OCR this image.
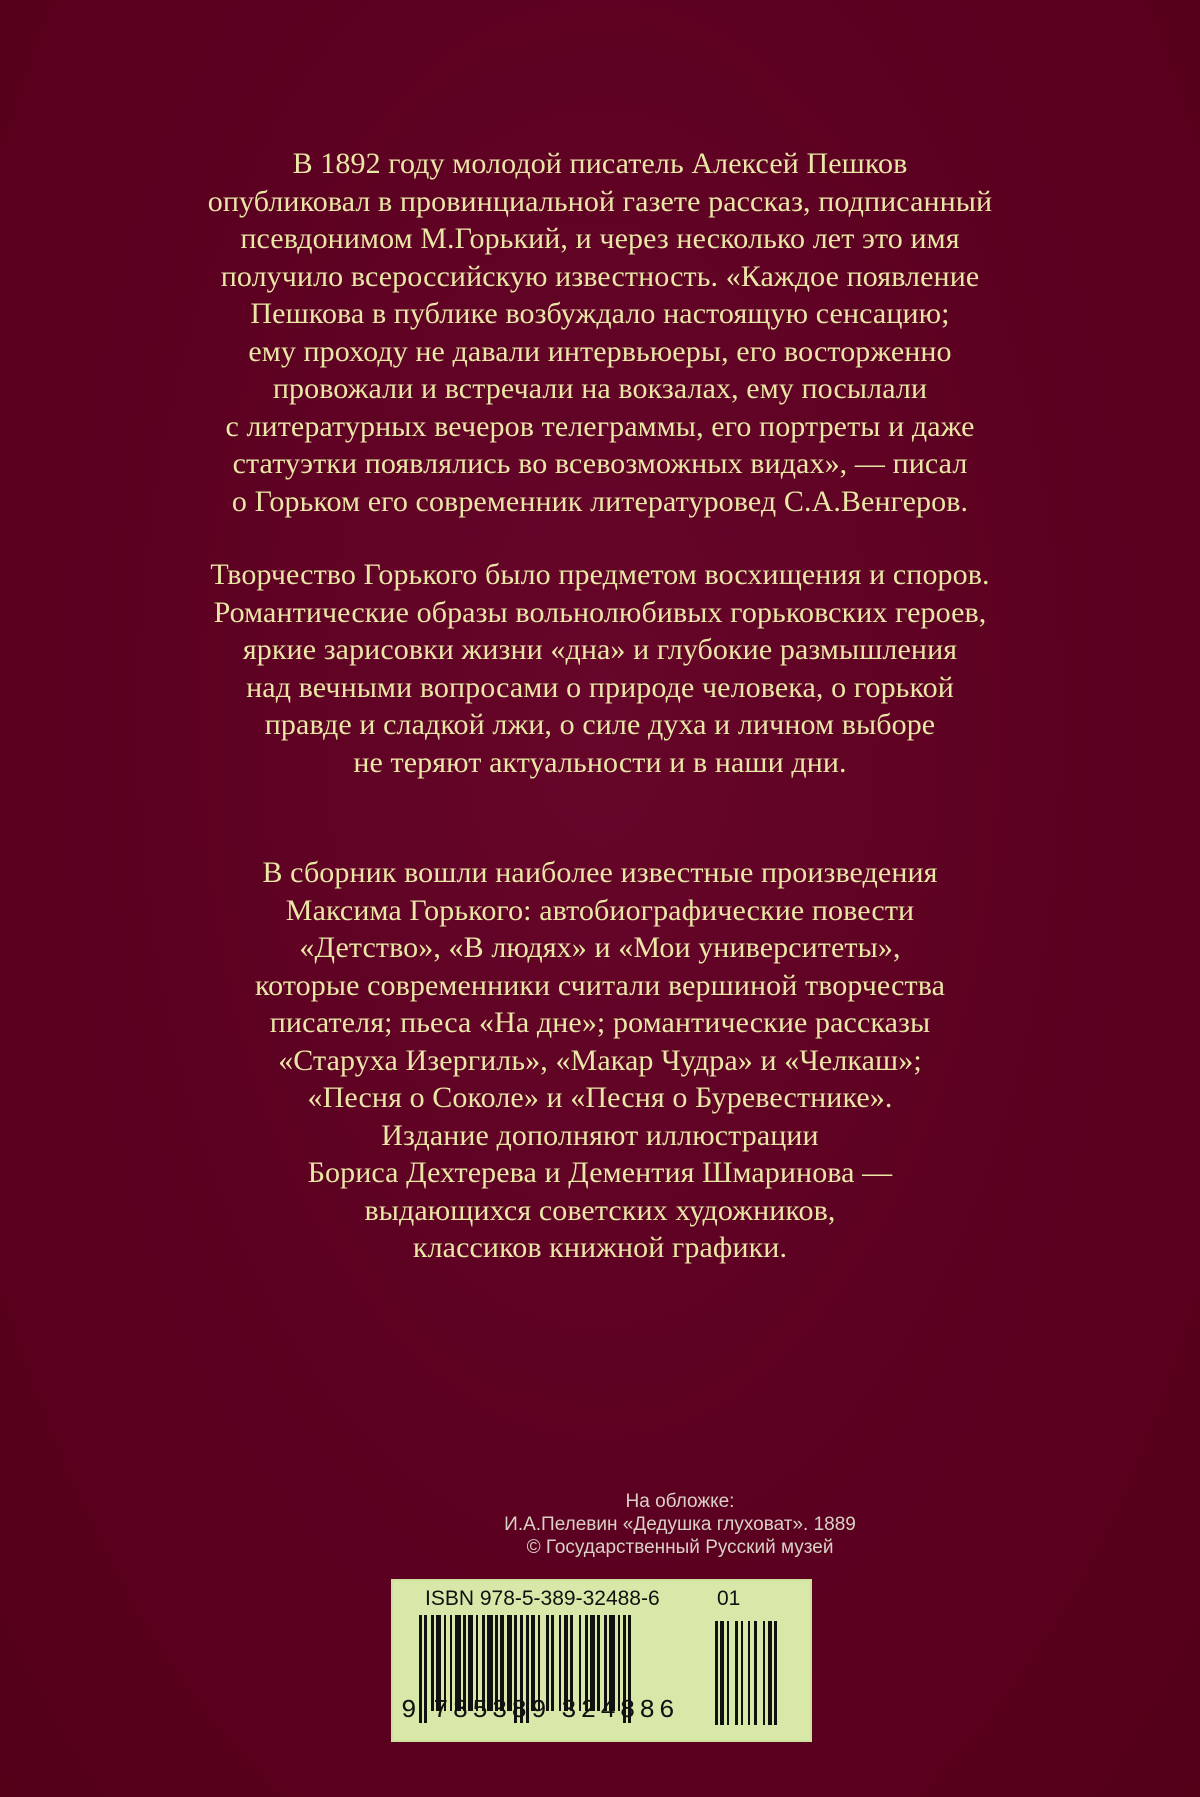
В 1892 году молодой писатель Алексей Пешков
опубликовал в провинциальной газете рассказ, подписанный
псевдонимом М.Горький, и через несколько лет это имя
получило всероссийскую известность. «Каждое появление
Пешкова в публике возбуждало настоящую сенсацию;
ему проходу не давали интервьюеры, его восторженно
провожали и встречали на вокзалах, ему посылали
с литературных вечеров телеграммы, его портреты и даже
статуэтки появлялись во всевозможных видах», — писал
о Горьком его современник литературовед С.А.Венгеров.
Творчество Горького было предметом восхищения и споров.
Романтические образы вольнолюбивых горьковских героев,
яркие зарисовки жизни «дна» и глубокие размышления
над вечными вопросами о природе человека, о горькой
правде и сладкой лжи, о силе духа и личном выборе
не теряют актуальности и в наши дни.
В сборник вошли наиболее известные произведения
Максима Горького: автобиографические повести
«Детство», «В людях» и «Мои университеты»,
которые современники считали вершиной творчества
писателя; пьеса «На дне»; романтические рассказы
«Старуха Изергиль», «Макар Чудра» и «Челкаш»;
«Песня о Соколе» и «Песня о Буревестнике».
Издание дополняют иллюстрации
Бориса Дехтерева и Дементия Шмаринова —
выдающихся советских художников,
классиков книжной графики.
На обложке:
И.А.Пелевин «Дедушка глуховат». 1889
© Государственный Русский музей
ISBN 978-5-389-32488-6	01
9 785389 324886
